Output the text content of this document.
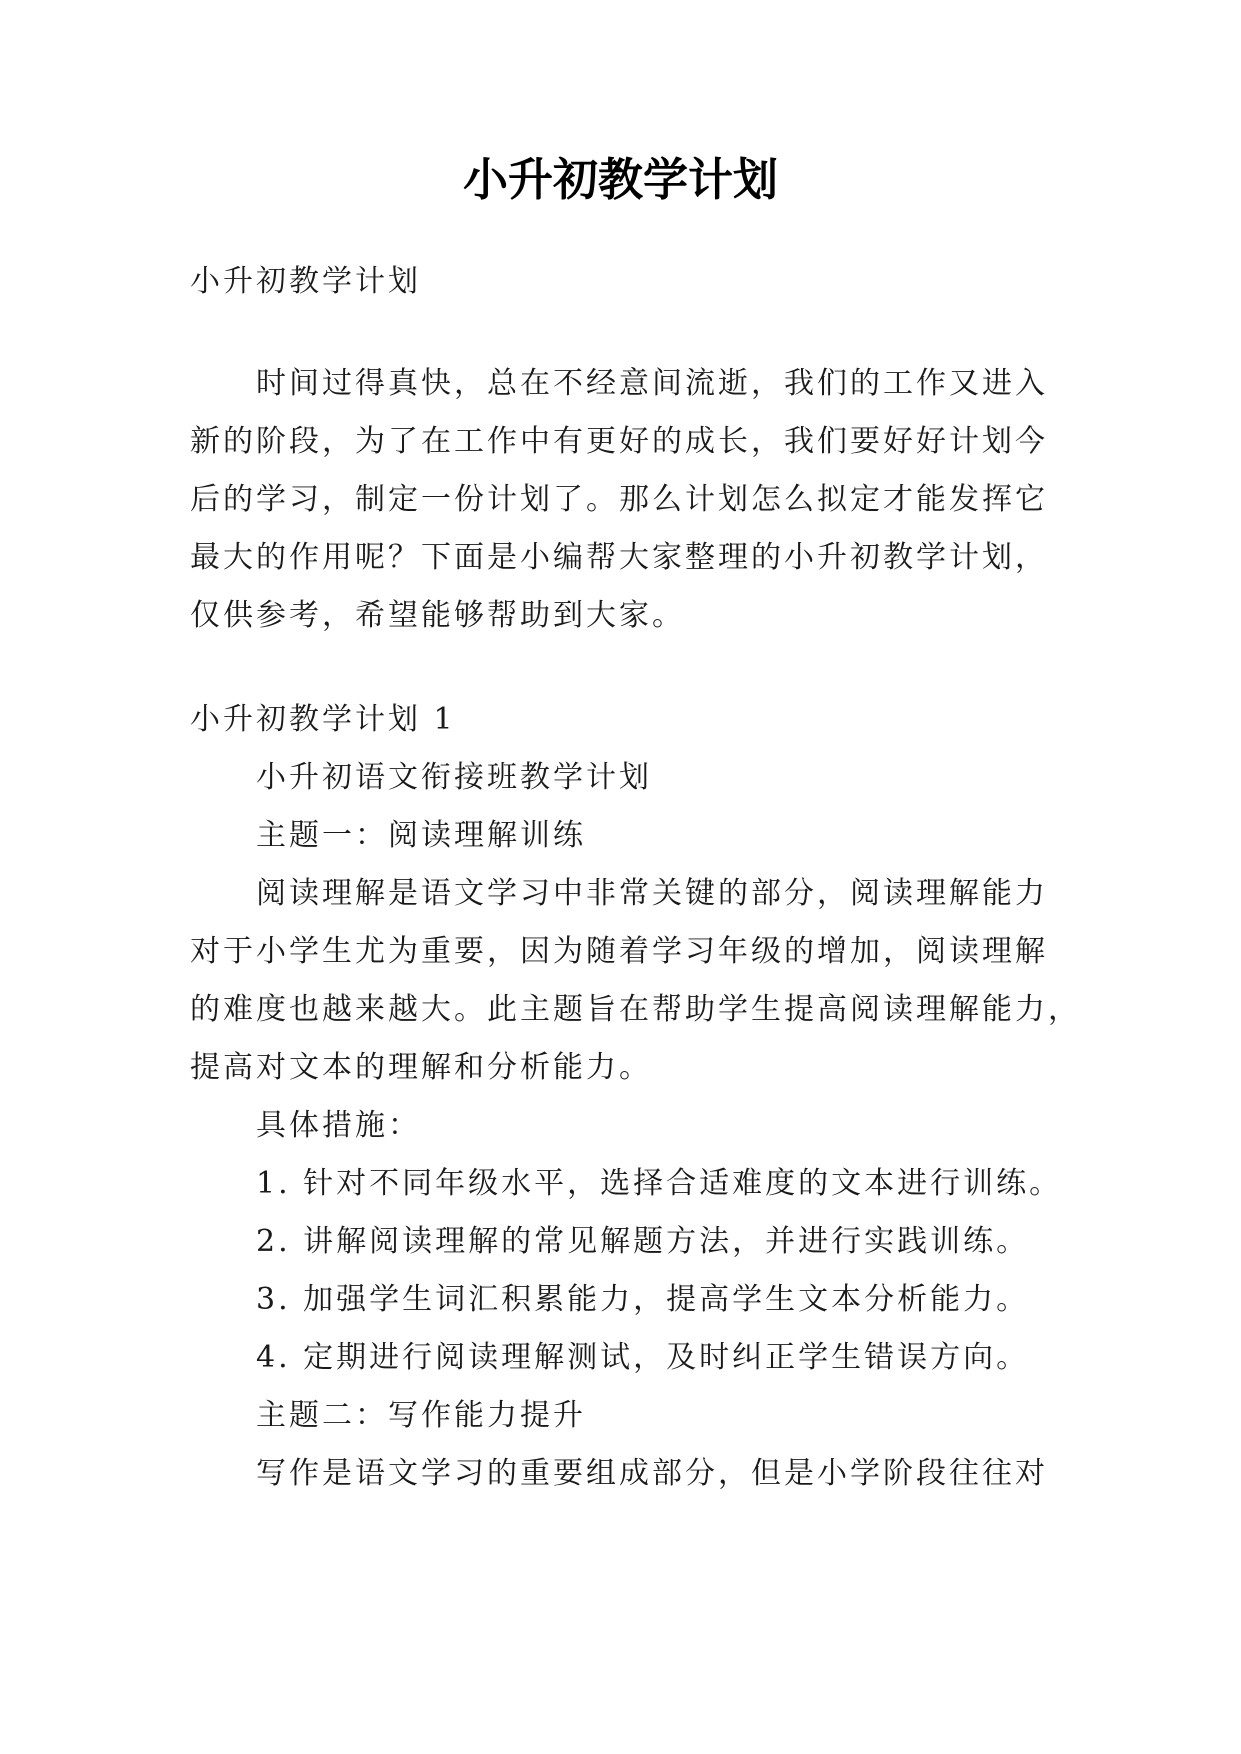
小升初教学计划
小升初教学计划
时间过得真快，总在不经意间流逝，我们的工作又进入
新的阶段，为了在工作中有更好的成长，我们要好好计划今
后的学习，制定一份计划了。那么计划怎么拟定才能发挥它
最大的作用呢？下面是小编帮大家整理的小升初教学计划，
仅供参考，希望能够帮助到大家。
小升初教学计划 1
小升初语文衔接班教学计划
主题一：阅读理解训练
阅读理解是语文学习中非常关键的部分，阅读理解能力
对于小学生尤为重要，因为随着学习年级的增加，阅读理解
的难度也越来越大。此主题旨在帮助学生提高阅读理解能力，
提高对文本的理解和分析能力。
具体措施：
1. 针对不同年级水平，选择合适难度的文本进行训练。
2. 讲解阅读理解的常见解题方法，并进行实践训练。
3. 加强学生词汇积累能力，提高学生文本分析能力。
4. 定期进行阅读理解测试，及时纠正学生错误方向。
主题二：写作能力提升
写作是语文学习的重要组成部分，但是小学阶段往往对
